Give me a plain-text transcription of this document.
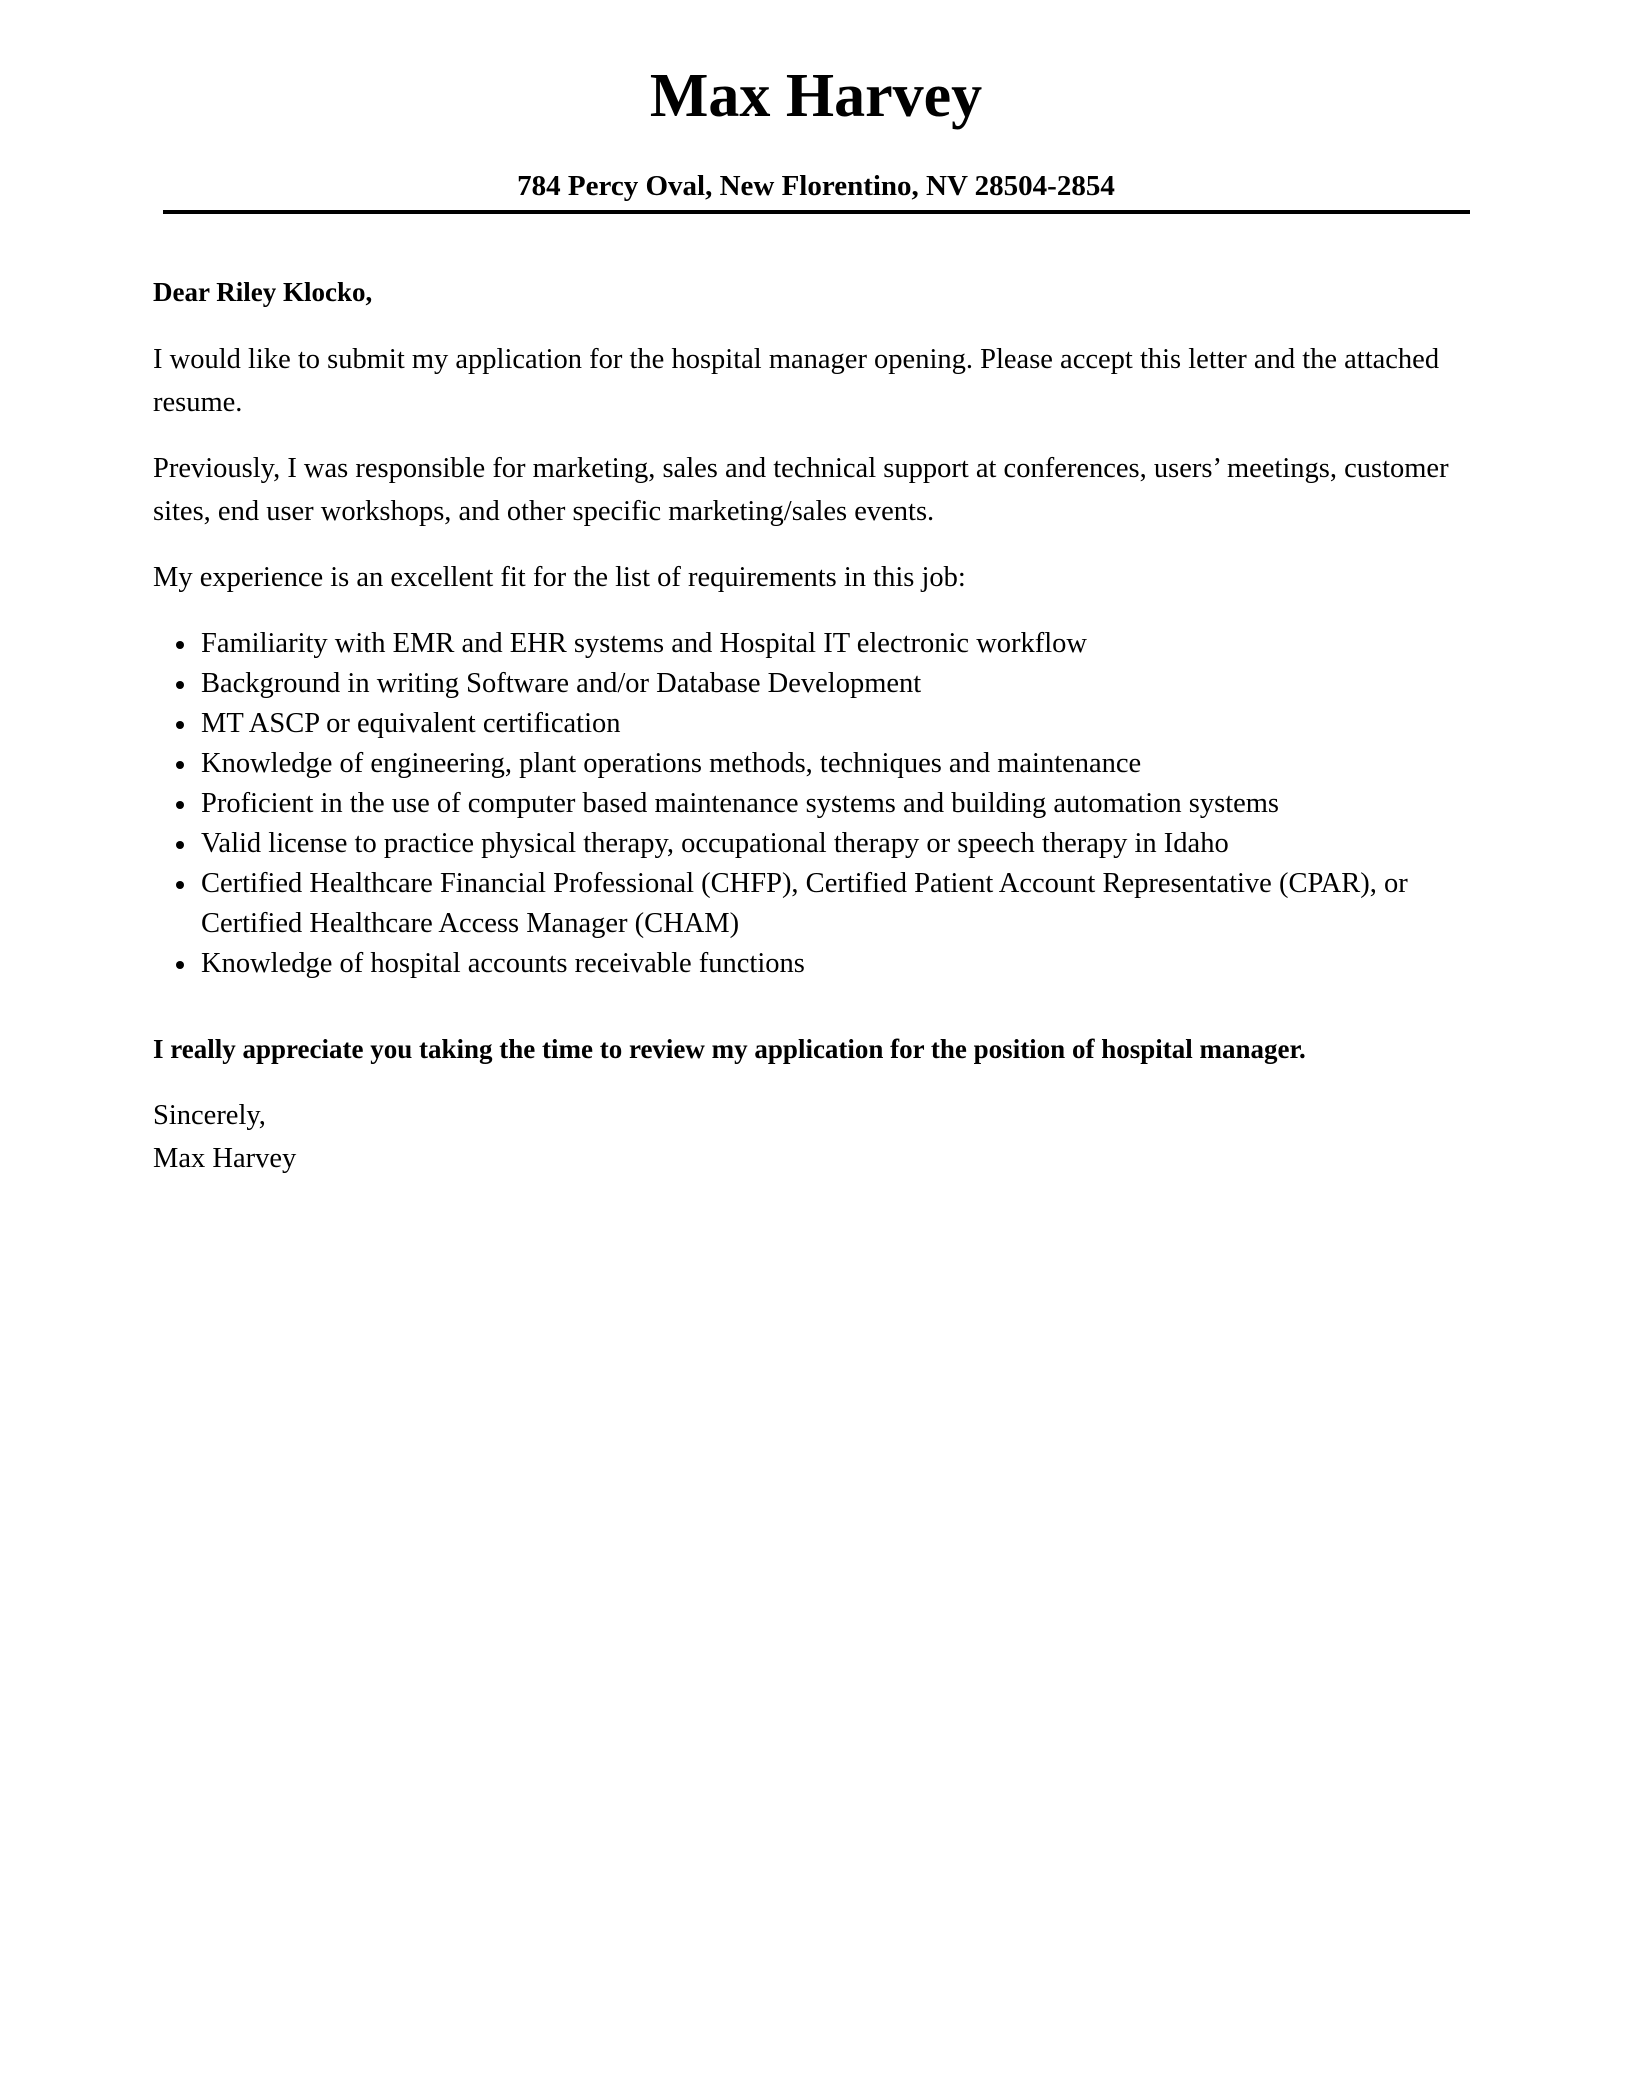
Max Harvey
784 Percy Oval, New Florentino, NV 28504-2854
Dear Riley Klocko,
I would like to submit my application for the hospital manager opening. Please accept this letter and the attached resume.
Previously, I was responsible for marketing, sales and technical support at conferences, users’ meetings, customer sites, end user workshops, and other specific marketing/sales events.
My experience is an excellent fit for the list of requirements in this job:
Familiarity with EMR and EHR systems and Hospital IT electronic workflow
Background in writing Software and/or Database Development
MT ASCP or equivalent certification
Knowledge of engineering, plant operations methods, techniques and maintenance
Proficient in the use of computer based maintenance systems and building automation systems
Valid license to practice physical therapy, occupational therapy or speech therapy in Idaho
Certified Healthcare Financial Professional (CHFP), Certified Patient Account Representative (CPAR), or Certified Healthcare Access Manager (CHAM)
Knowledge of hospital accounts receivable functions
I really appreciate you taking the time to review my application for the position of hospital manager.
Sincerely,
Max Harvey
